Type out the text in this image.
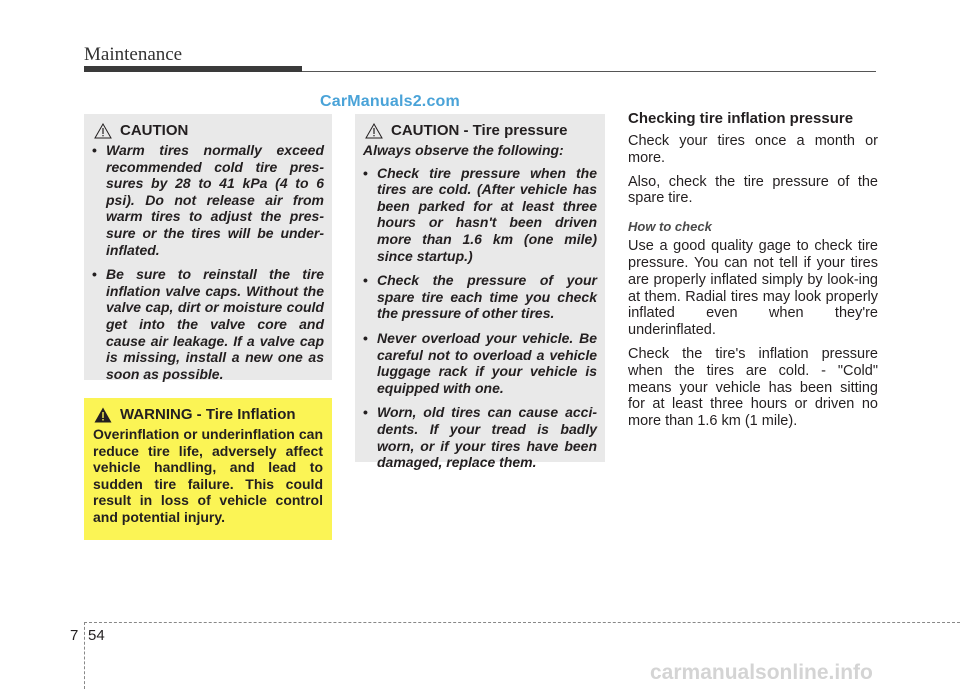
Maintenance
CarManuals2.com
CAUTION
• Warm tires normally exceed recommended cold tire pres-sures by 28 to 41 kPa (4 to 6 psi). Do not release air from warm tires to adjust the pres-sure or the tires will be under-inflated.
• Be sure to reinstall the tire inflation valve caps. Without the valve cap, dirt or moisture could get into the valve core and cause air leakage. If a valve cap is missing, install a new one as soon as possible.
WARNING - Tire Inflation
Overinflation or underinflation can reduce tire life, adversely affect vehicle handling, and lead to sudden tire failure. This could result in loss of vehicle control and potential injury.
CAUTION - Tire pressure
Always observe the following:
• Check tire pressure when the tires are cold. (After vehicle has been parked for at least three hours or hasn't been driven more than 1.6 km (one mile) since startup.)
• Check the pressure of your spare tire each time you check the pressure of other tires.
• Never overload your vehicle. Be careful not to overload a vehicle luggage rack if your vehicle is equipped with one.
• Worn, old tires can cause acci-dents. If your tread is badly worn, or if your tires have been damaged, replace them.
Checking tire inflation pressure

Check your tires once a month or more.

Also, check the tire pressure of the spare tire.

How to check

Use a good quality gage to check tire pressure. You can not tell if your tires are properly inflated simply by look-ing at them. Radial tires may look properly inflated even when they're underinflated.

Check the tire's inflation pressure when the tires are cold. - "Cold" means your vehicle has been sitting for at least three hours or driven no more than 1.6 km (1 mile).

7 54
carmanualsonline.info
